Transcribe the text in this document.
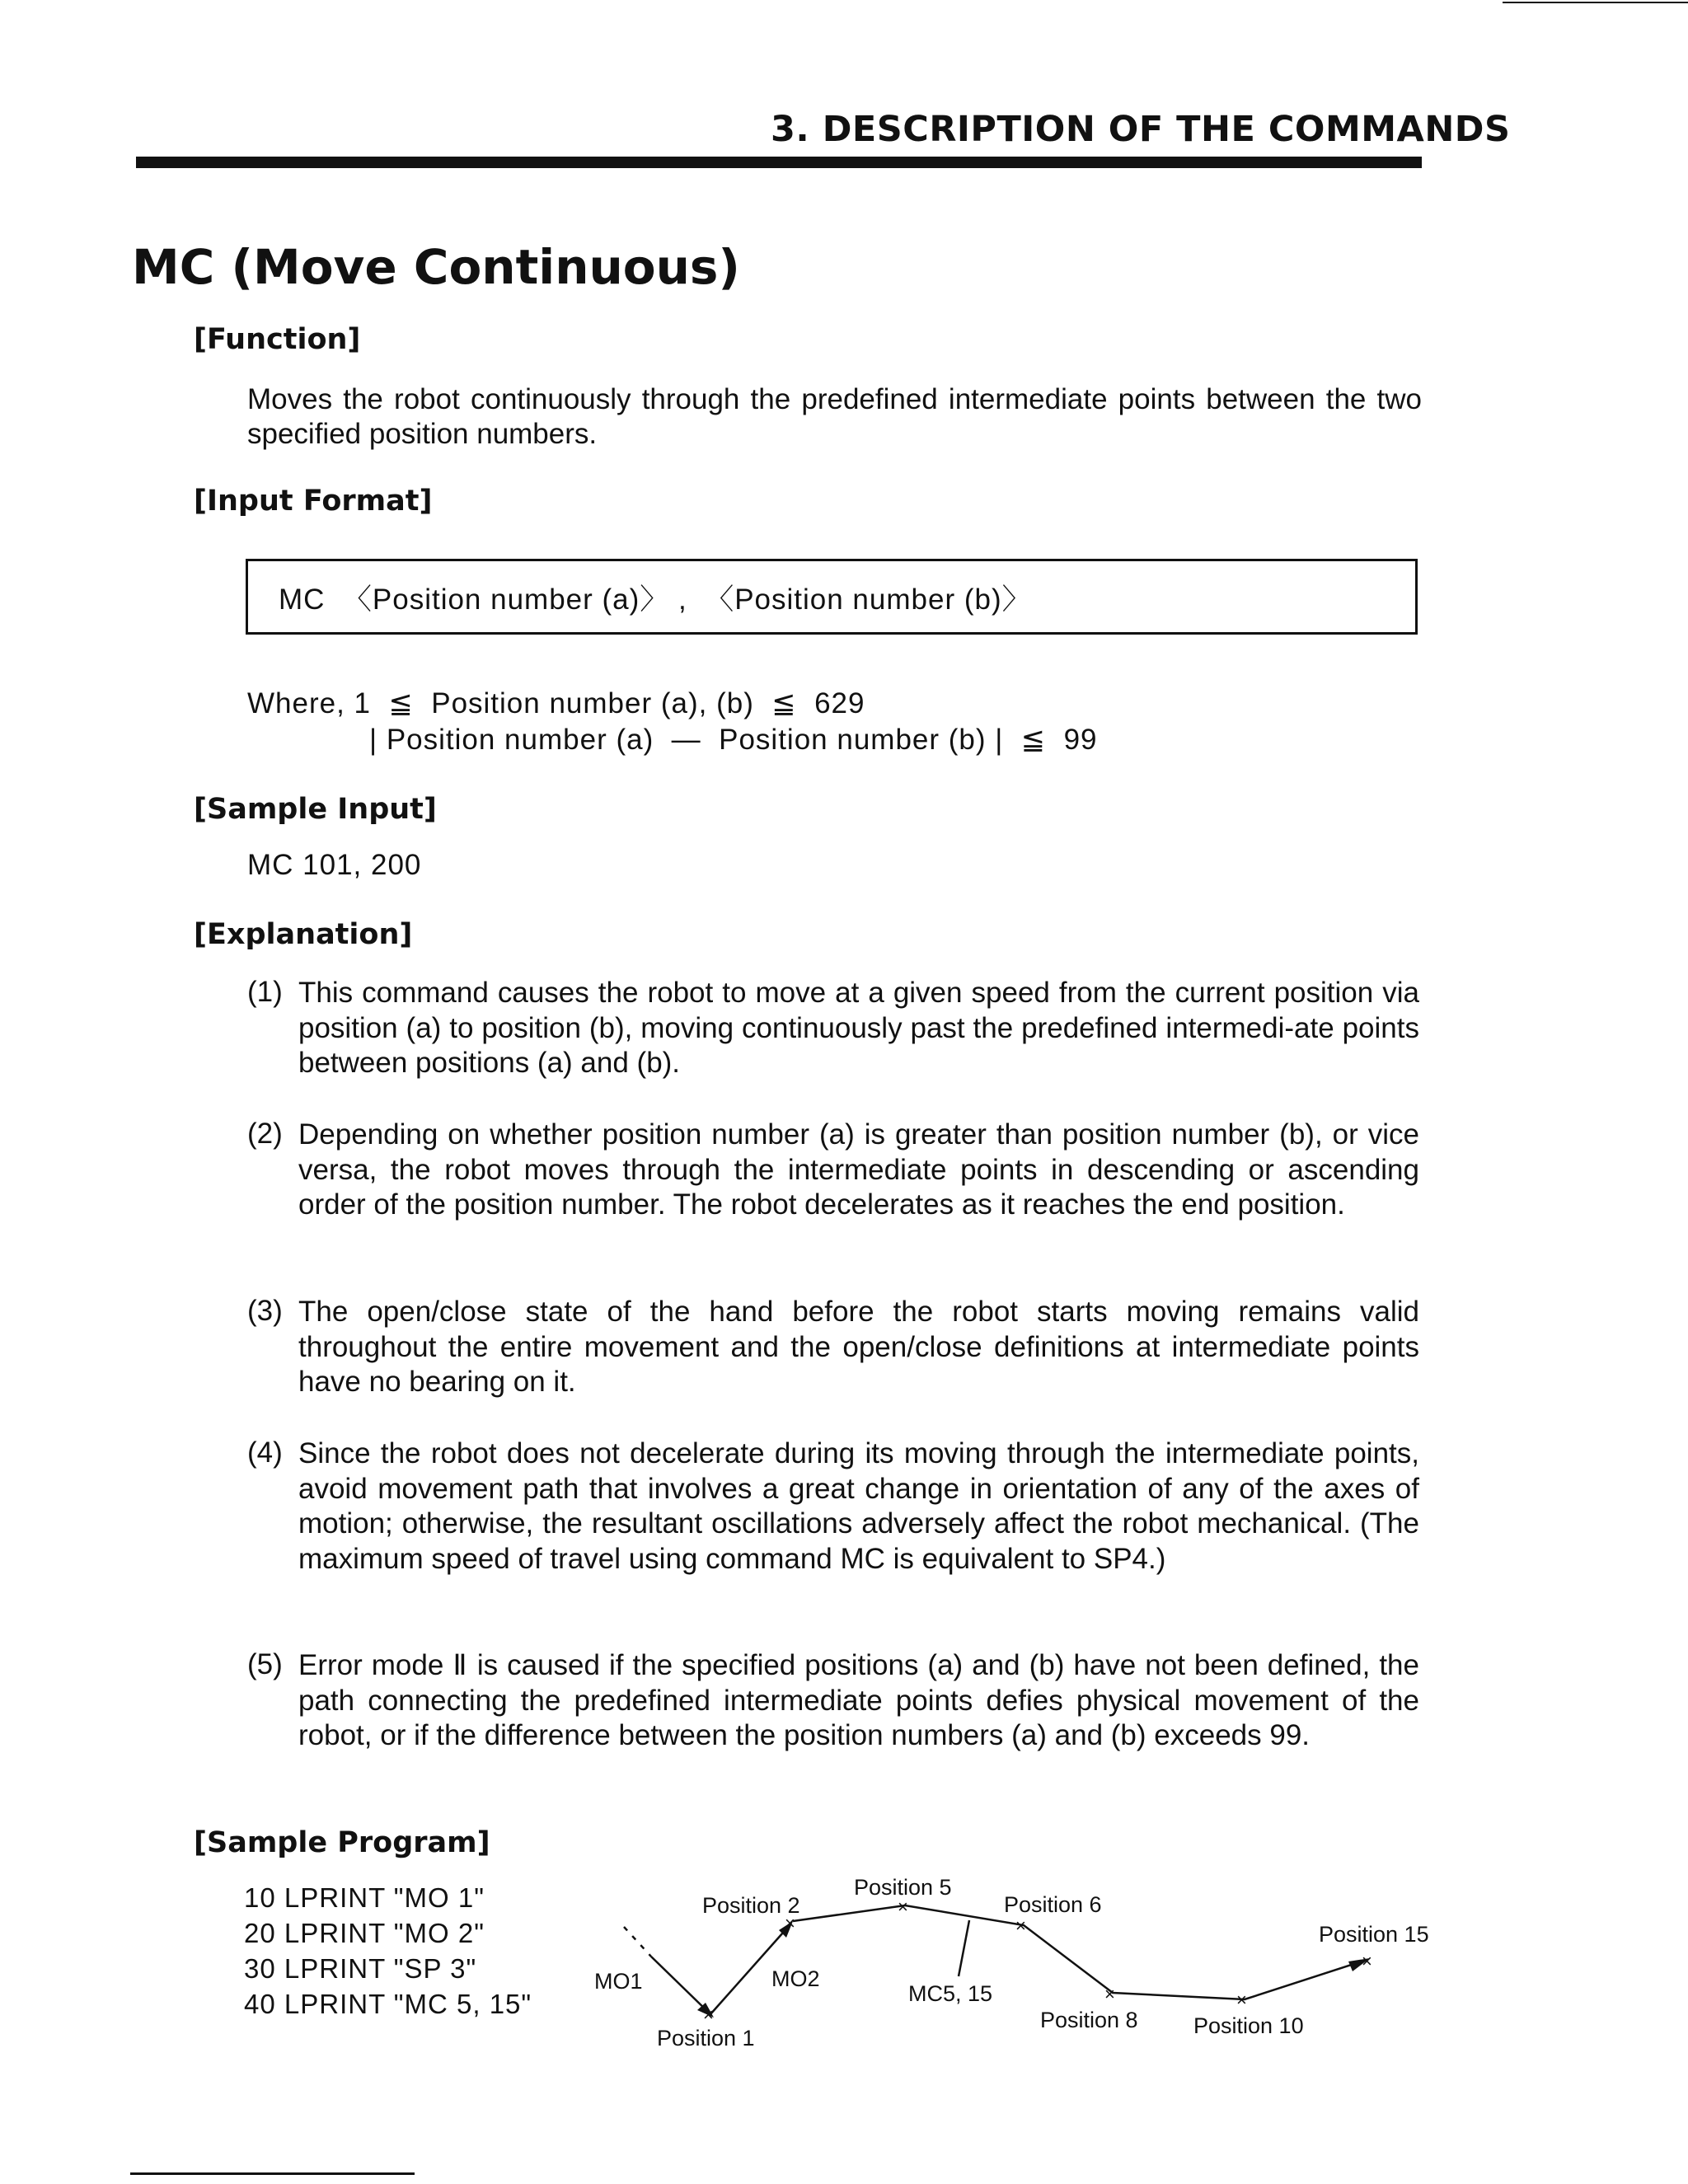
3. DESCRIPTION OF THE COMMANDS
MC (Move Continuous)
[Function]
Moves the robot continuously through the predefined intermediate points between the two specified position numbers.
[Input Format]
MC  〈Position number (a)〉 ,  〈Position number (b)〉
Where, 1  ≦  Position number (a), (b)  ≦  629
| Position number (a)  —  Position number (b) |  ≦  99
[Sample Input]
MC 101, 200
[Explanation]
(1) This command causes the robot to move at a given speed from the current position via position (a) to position (b), moving continuously past the predefined intermedi-ate points between positions (a) and (b).
(2) Depending on whether position number (a) is greater than position number (b), or vice versa, the robot moves through the intermediate points in descending or ascending order of the position number. The robot decelerates as it reaches the end position.
(3) The open/close state of the hand before the robot starts moving remains valid throughout the entire movement and the open/close definitions at intermediate points have no bearing on it.
(4) Since the robot does not decelerate during its moving through the intermediate points, avoid movement path that involves a great change in orientation of any of the axes of motion; otherwise, the resultant oscillations adversely affect the robot mechanical. (The maximum speed of travel using command MC is equivalent to SP4.)
(5) Error mode Ⅱ is caused if the specified positions (a) and (b) have not been defined, the path connecting the predefined intermediate points defies physical movement of the robot, or if the difference between the position numbers (a) and (b) exceeds 99.
[Sample Program]
10 LPRINT "MO 1"
20 LPRINT "MO 2"
30 LPRINT "SP 3"
40 LPRINT "MC 5, 15"	×
×
×
×
×	×
×
Position 1
Position 2
Position 5
Position 6
Position 8 Position 10
Position 15
MO1	MO2
MC5, 15
